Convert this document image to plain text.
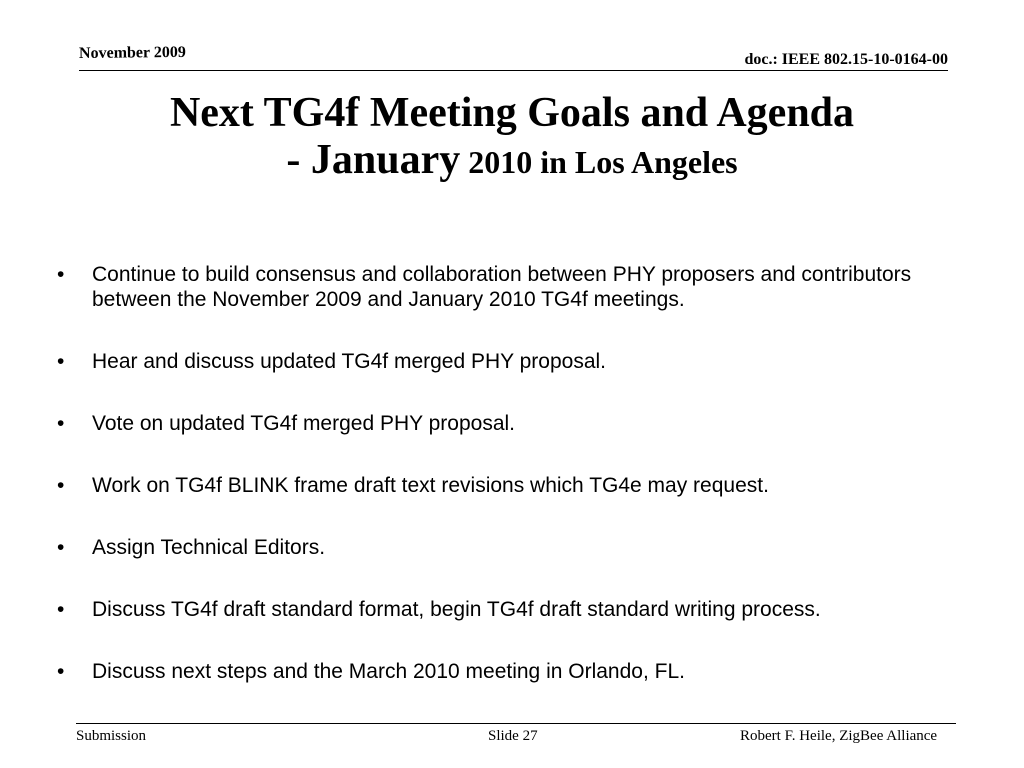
November 2009	doc.: IEEE 802.15-10-0164-00
Next TG4f Meeting Goals and Agenda
- January 2010 in Los Angeles
• Continue to build consensus and collaboration between PHY proposers and contributors between the November 2009 and January 2010 TG4f meetings.
• Hear and discuss updated TG4f merged PHY proposal.
• Vote on updated TG4f merged PHY proposal.
• Work on TG4f BLINK frame draft text revisions which TG4e may request.
• Assign Technical Editors.
• Discuss TG4f draft standard format, begin TG4f draft standard writing process.
• Discuss next steps and the March 2010 meeting in Orlando, FL.
Submission	Slide 27	Robert F. Heile, ZigBee Alliance
